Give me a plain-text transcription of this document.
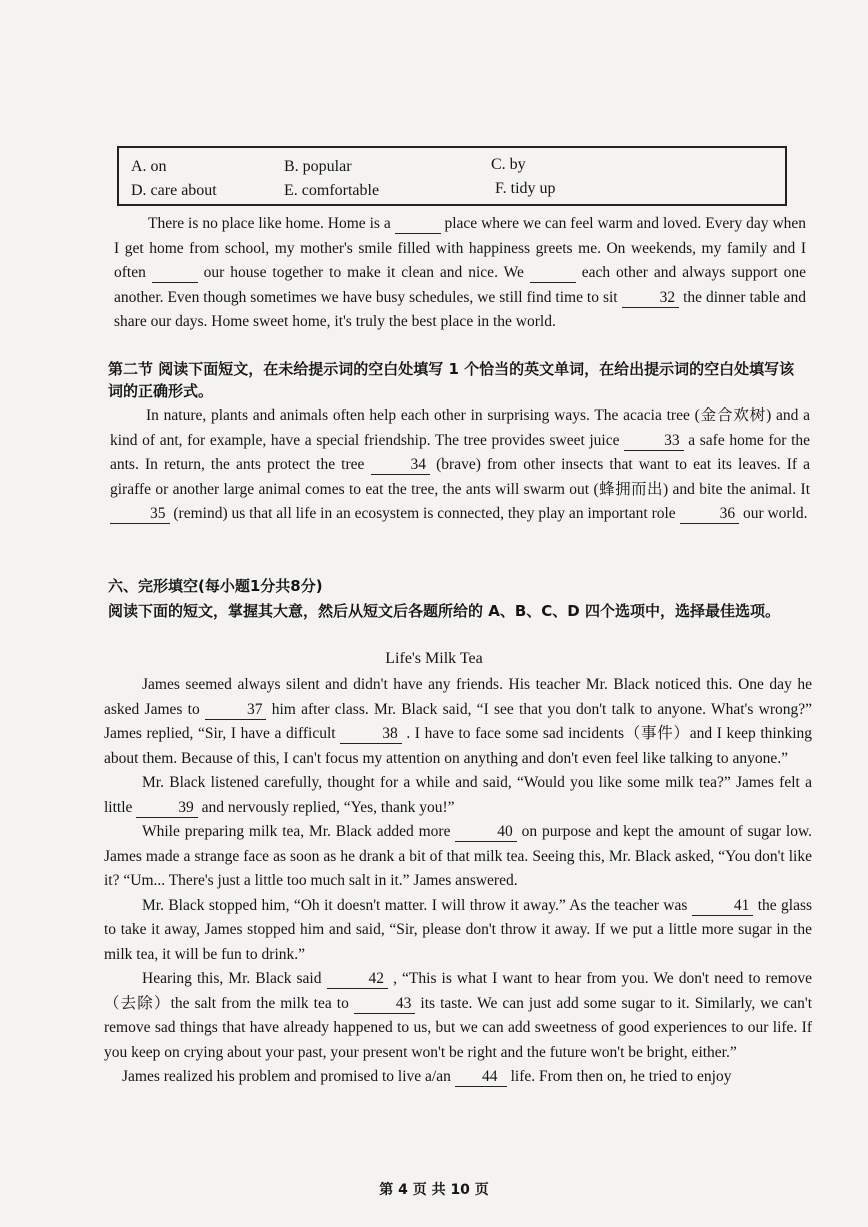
A. on	B. popular	C. by
D. care about	E. comfortable	F. tidy up

There is no place like home. Home is a	place where we can feel warm and loved. Every day when I get home from school, my mother's smile filled with happiness greets me. On weekends, my family and I often	our house together to make it clean and nice. We	each other and always support one another. Even though sometimes we have busy schedules, we still find time to sit	32 the dinner table and share our days. Home sweet home, it's truly the best place in the world.

第二节 阅读下面短文，在未给提示词的空白处填写 1 个恰当的英文单词，在给出提示词的空白处填写该词的正确形式。

In nature, plants and animals often help each other in surprising ways. The acacia tree (金合欢树) and a kind of ant, for example, have a special friendship. The tree provides sweet juice	33 a safe home for the ants. In return, the ants protect the tree	34 (brave) from other insects that want to eat its leaves. If a giraffe or another large animal comes to eat the tree, the ants will swarm out (蜂拥而出) and bite the animal. It 35 (remind) us that all life in an ecosystem is connected, they play an important role	36 our world.

六、完形填空(每小题1分共8分)

阅读下面的短文，掌握其大意，然后从短文后各题所给的 A、B、C、D 四个选项中，选择最佳选项。

Life's Milk Tea
James seemed always silent and didn't have any friends. His teacher Mr. Black noticed this. One day he asked James to	37 him after class. Mr. Black said, “I see that you don't talk to anyone. What's wrong?” James replied, “Sir, I have a difficult	38 . I have to face some sad incidents（事件）and I keep thinking about them. Because of this, I can't focus my attention on anything and don't even feel like talking to anyone.”
Mr. Black listened carefully, thought for a while and said, “Would you like some milk tea?” James felt a little	39 and nervously replied, “Yes, thank you!”
While preparing milk tea, Mr. Black added more	40 on purpose and kept the amount of sugar low. James made a strange face as soon as he drank a bit of that milk tea. Seeing this, Mr. Black asked, “You don't like it? “Um... There's just a little too much salt in it.” James answered.
Mr. Black stopped him, “Oh it doesn't matter. I will throw it away.” As the teacher was	41 the glass to take it away, James stopped him and said, “Sir, please don't throw it away. If we put a little more sugar in the milk tea, it will be fun to drink.”
Hearing this, Mr. Black said	42 , “This is what I want to hear from you. We don't need to remove（去除）the salt from the milk tea to	43 its taste. We can just add some sugar to it. Similarly, we can't remove sad things that have already happened to us, but we can add sweetness of good experiences to our life. If you keep on crying about your past, your present won't be right and the future won't be bright, either.”
James realized his problem and promised to live a/an 44 life. From then on, he tried to enjoy
第 4 页 共 10 页
